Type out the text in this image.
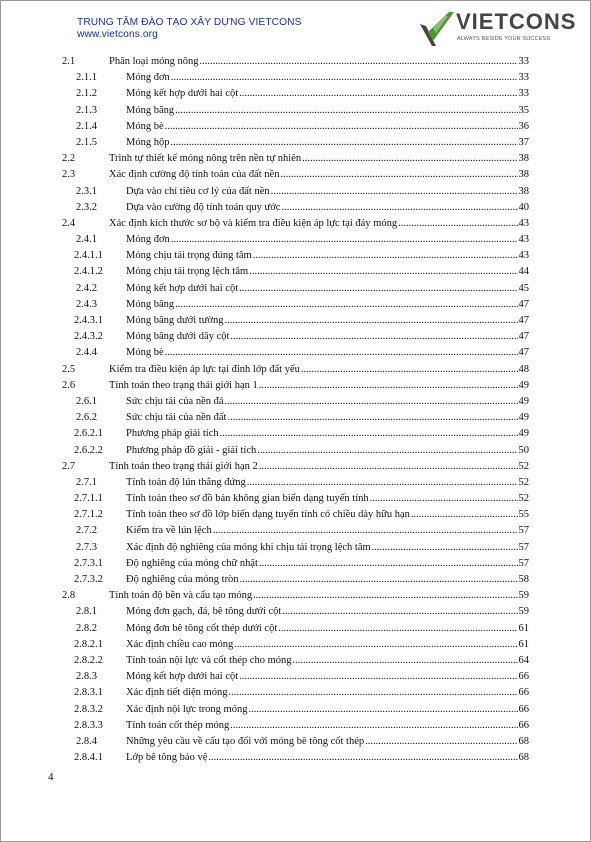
TRUNG TÂM ĐÀO TẠO XÂY DỰNG VIETCONS
www.vietcons.org
VIETCONS
ALWAYS BESIDE YOUR SUCCESS
2.1	Phân loại móng nông .....	33
2.1.1	Móng đơn .....	33
2.1.2	Móng kết hợp dưới hai cột .....	33
2.1.3	Móng băng .....	35
2.1.4	Móng bè .....	36
2.1.5	Móng hộp .....	37
2.2	Trình tự thiết kế móng nông trên nền tự nhiên .....	38
2.3	Xác định cường độ tính toán của đất nền .....	38
2.3.1	Dựa vào chỉ tiêu cơ lý của đất nền .....	38
2.3.2	Dựa vào cường độ tính toán quy ước .....	40
2.4	Xác định kích thước sơ bộ và kiểm tra điều kiện áp lực tại đáy móng .....	43
2.4.1	Móng đơn .....	43
2.4.1.1 Móng chịu tải trọng đúng tâm .....	43
2.4.1.2 Móng chịu tải trọng lệch tâm .....	44
2.4.2	Móng kết hợp dưới hai cột .....	45
2.4.3	Móng băng .....	47
2.4.3.1 Móng băng dưới tường .....	47
2.4.3.2 Móng băng dưới dãy cột .....	47
2.4.4	Móng bè .....	47
2.5	Kiểm tra điều kiện áp lực tại đỉnh lớp đất yếu .....	48
2.6	Tính toán theo trạng thái giới hạn 1 .....	49
2.6.1	Sức chịu tải của nền đá .....	49
2.6.2	Sức chịu tải của nền đất .....	49
2.6.2.1 Phương pháp giải tích .....	49
2.6.2.2 Phương pháp đồ giải - giải tích .....	50
2.7	Tính toán theo trạng thái giới hạn 2 .....	52
2.7.1	Tính toán độ lún thẳng đứng .....	52
2.7.1.1 Tính toán theo sơ đồ bán không gian biến dạng tuyến tính .....	52
2.7.1.2 Tính toán theo sơ đồ lớp biến dạng tuyến tính có chiều dày hữu hạn .....	55
2.7.2	Kiểm tra về lún lệch .....	57
2.7.3	Xác định độ nghiêng của móng khi chịu tải trọng lệch tâm .....	57
2.7.3.1 Độ nghiêng của móng chữ nhật .....	57
2.7.3.2 Độ nghiêng của móng tròn .....	58
2.8	Tính toán độ bền và cấu tạo móng .....	59
2.8.1	Móng đơn gạch, đá, bê tông dưới cột .....	59
2.8.2	Móng đơn bê tông cốt thép dưới cột .....	61
2.8.2.1 Xác định chiều cao móng .....	61
2.8.2.2 Tính toán nội lực và cốt thép cho móng .....	64
2.8.3	Móng kết hợp dưới hai cột .....	66
2.8.3.1 Xác định tiết diện móng .....	66
2.8.3.2 Xác định nội lực trong móng .....	66
2.8.3.3 Tính toán cốt thép móng .....	66
2.8.4	Những yêu cầu về cấu tạo đối với móng bê tông cốt thép .....	68
2.8.4.1 Lớp bê tông bảo vệ .....	68
4
